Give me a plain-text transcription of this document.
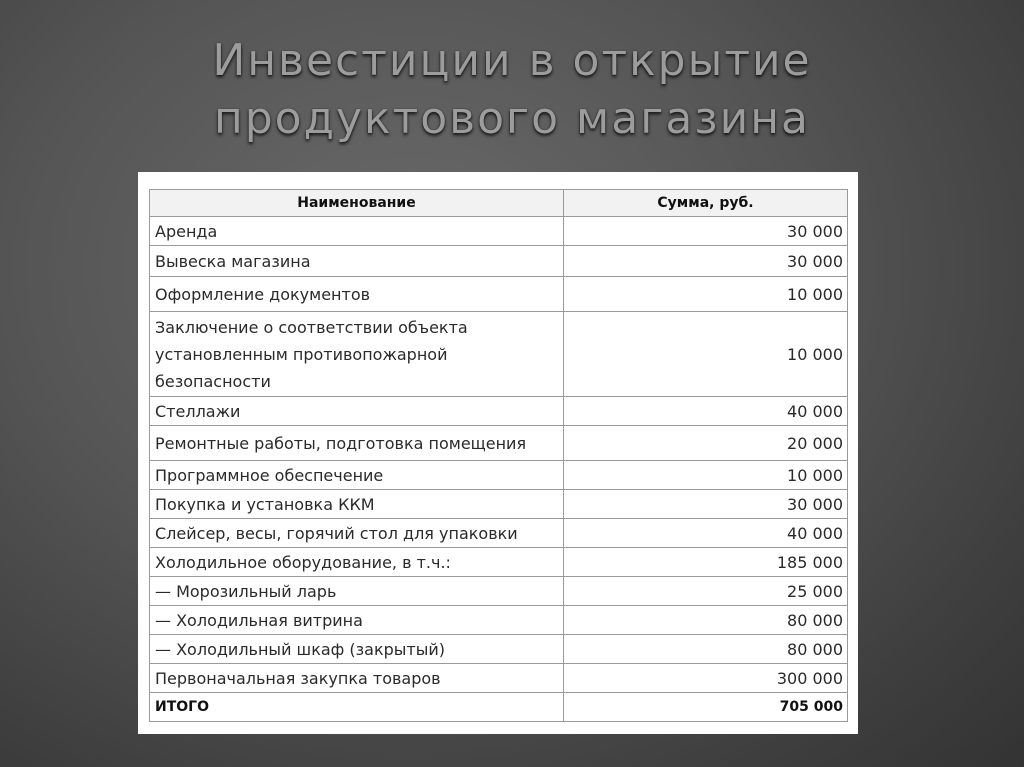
Инвестиции в открытие
продуктового магазина
Наименование	Сумма, руб.
Аренда	30 000
Вывеска магазина	30 000
Оформление документов	10 000
Заключение о соответствии объекта установленным противопожарной безопасности	10 000
Стеллажи	40 000
Ремонтные работы, подготовка помещения	20 000
Программное обеспечение	10 000
Покупка и установка ККМ	30 000
Слейсер, весы, горячий стол для упаковки	40 000
Холодильное оборудование, в т.ч.:	185 000
— Морозильный ларь	25 000
— Холодильная витрина	80 000
— Холодильный шкаф (закрытый)	80 000
Первоначальная закупка товаров	300 000
ИТОГО	705 000
